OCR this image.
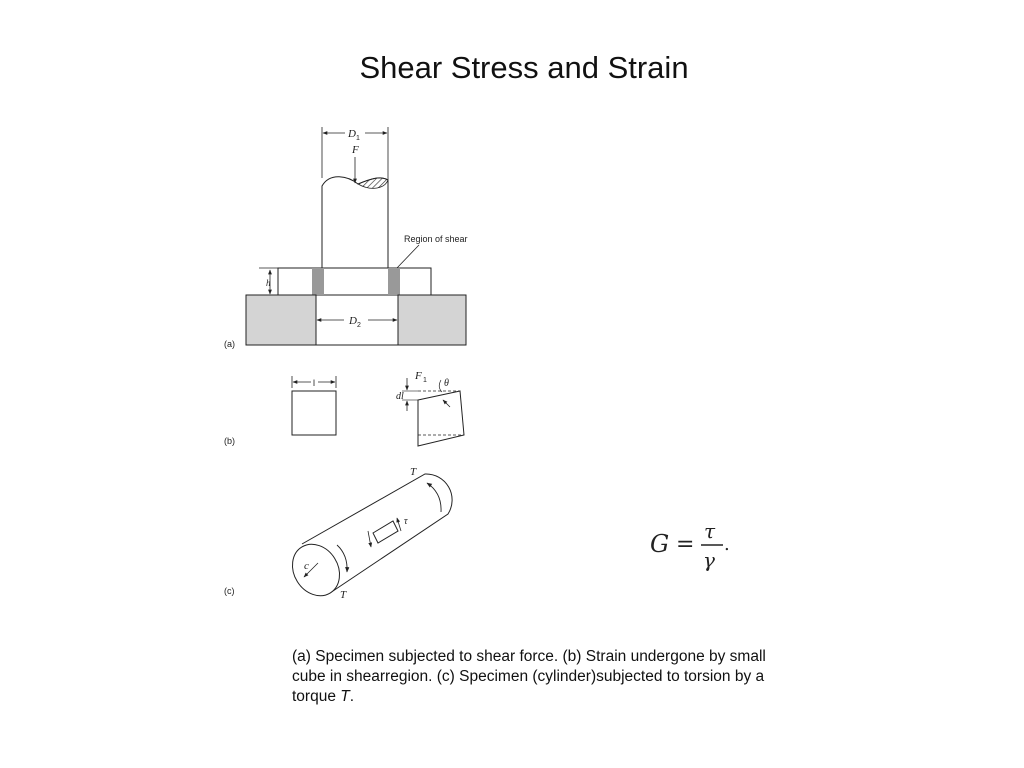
Shear Stress and Strain
D 1
F
Region of shear
h
D 2
(a)
l
F 1
dl
θ
(b)
c
τ
T
T
(c)
G =
τ
γ
.
(a) Specimen subjected to shear force. (b) Strain undergone by small cube in shearregion. (c) Specimen (cylinder)subjected to torsion by a torque T.
